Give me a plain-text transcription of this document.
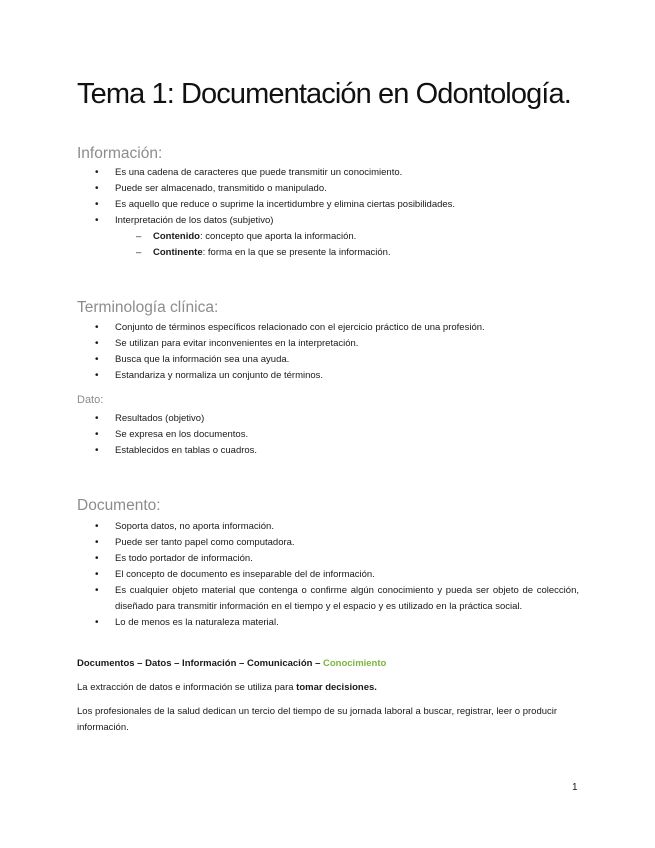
Tema 1: Documentación en Odontología.
Información:
• Es una cadena de caracteres que puede transmitir un conocimiento.
• Puede ser almacenado, transmitido o manipulado.
• Es aquello que reduce o suprime la incertidumbre y elimina ciertas posibilidades.
• Interpretación de los datos (subjetivo)
– Contenido: concepto que aporta la información.
– Continente: forma en la que se presente la información.
Terminología clínica:
• Conjunto de términos específicos relacionado con el ejercicio práctico de una profesión.
• Se utilizan para evitar inconvenientes en la interpretación.
• Busca que la información sea una ayuda.
• Estandariza y normaliza un conjunto de términos.
Dato:
• Resultados (objetivo)
• Se expresa en los documentos.
• Establecidos en tablas o cuadros.
Documento:
• Soporta datos, no aporta información.
• Puede ser tanto papel como computadora.
• Es todo portador de información.
• El concepto de documento es inseparable del de información.
• Es cualquier objeto material que contenga o confirme algún conocimiento y pueda ser objeto de colección, diseñado para transmitir información en el tiempo y el espacio y es utilizado en la práctica social.
• Lo de menos es la naturaleza material.

Documentos – Datos – Información – Comunicación – Conocimiento

La extracción de datos e información se utiliza para tomar decisiones.

Los profesionales de la salud dedican un tercio del tiempo de su jornada laboral a buscar, registrar, leer o producir información.

1
